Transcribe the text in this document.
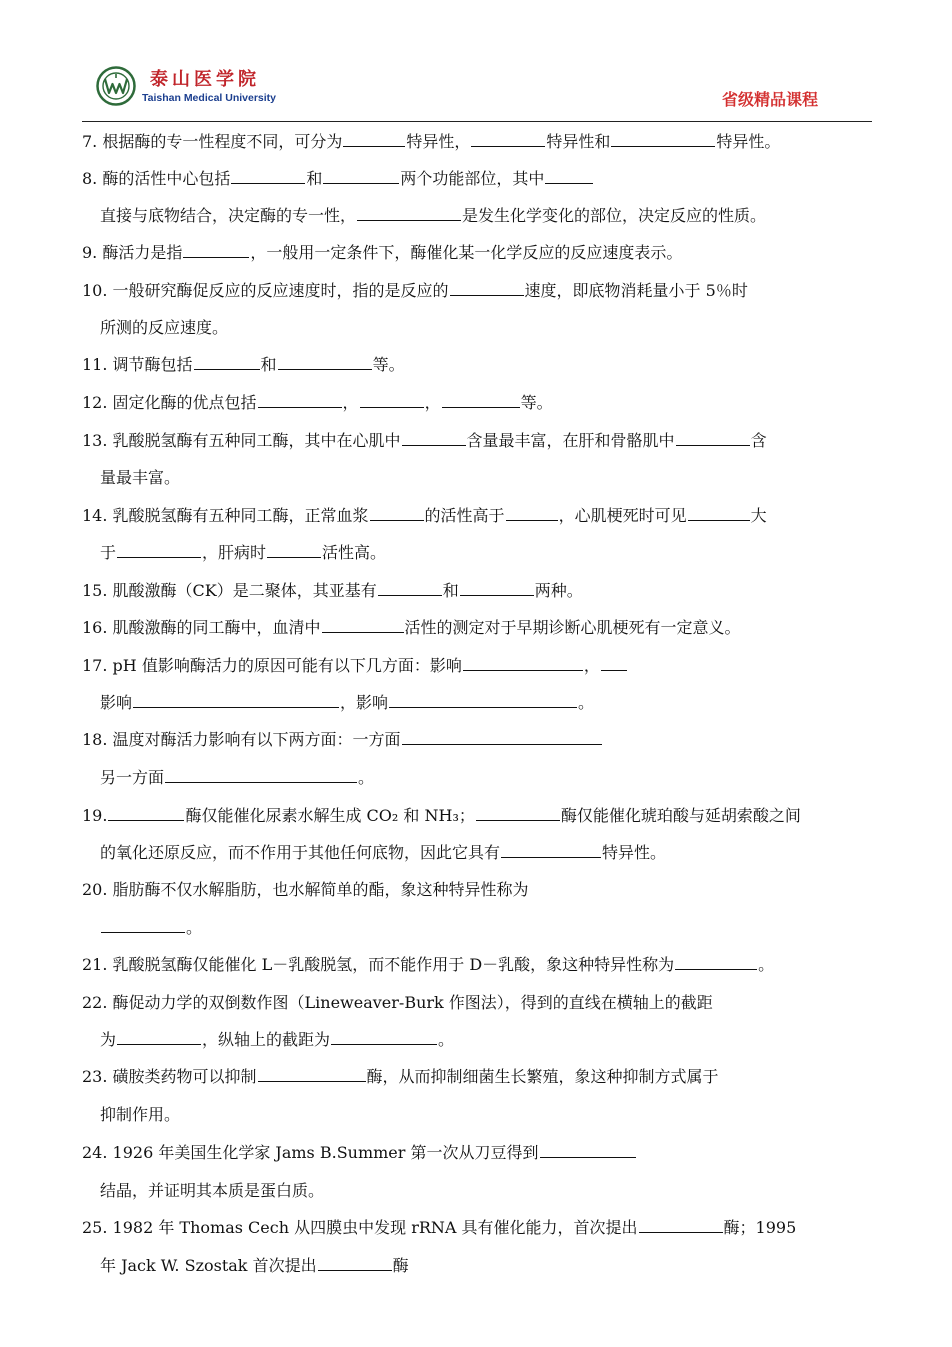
泰山医学院
Taishan Medical University	省级精品课程
7. 根据酶的专一性程度不同，可分为	特异性，	特异性和	特异性。
8. 酶的活性中心包括	和	两个功能部位，其中
直接与底物结合，决定酶的专一性，	是发生化学变化的部位，决定反应的性质。
9. 酶活力是指	，一般用一定条件下，酶催化某一化学反应的反应速度表示。
10. 一般研究酶促反应的反应速度时，指的是反应的	速度，即底物消耗量小于 5％时
所测的反应速度。
11. 调节酶包括	和	等。
12. 固定化酶的优点包括	，	，	等。
13. 乳酸脱氢酶有五种同工酶，其中在心肌中	含量最丰富，在肝和骨骼肌中	含
量最丰富。
14. 乳酸脱氢酶有五种同工酶，正常血浆	的活性高于	，心肌梗死时可见	大
于	，肝病时	活性高。
15. 肌酸激酶（CK）是二聚体，其亚基有	和	两种。
16. 肌酸激酶的同工酶中，血清中	活性的测定对于早期诊断心肌梗死有一定意义。
17. pH 值影响酶活力的原因可能有以下几方面：影响	，
影响	，影响	。
18. 温度对酶活力影响有以下两方面：一方面
另一方面	。
19.	酶仅能催化尿素水解生成 CO₂ 和 NH₃；	酶仅能催化琥珀酸与延胡索酸之间
的氧化还原反应，而不作用于其他任何底物，因此它具有	特异性。
20. 脂肪酶不仅水解脂肪，也水解简单的酯，象这种特异性称为
。
21. 乳酸脱氢酶仅能催化 L－乳酸脱氢，而不能作用于 D－乳酸，象这种特异性称为	。
22. 酶促动力学的双倒数作图（Lineweaver-Burk 作图法），得到的直线在横轴上的截距
为	，纵轴上的截距为	。
23. 磺胺类药物可以抑制	酶，从而抑制细菌生长繁殖，象这种抑制方式属于
抑制作用。
24. 1926 年美国生化学家 Jams B.Summer 第一次从刀豆得到
结晶，并证明其本质是蛋白质。
25. 1982 年 Thomas Cech 从四膜虫中发现 rRNA 具有催化能力，首次提出	酶；1995
年 Jack W. Szostak 首次提出	酶
